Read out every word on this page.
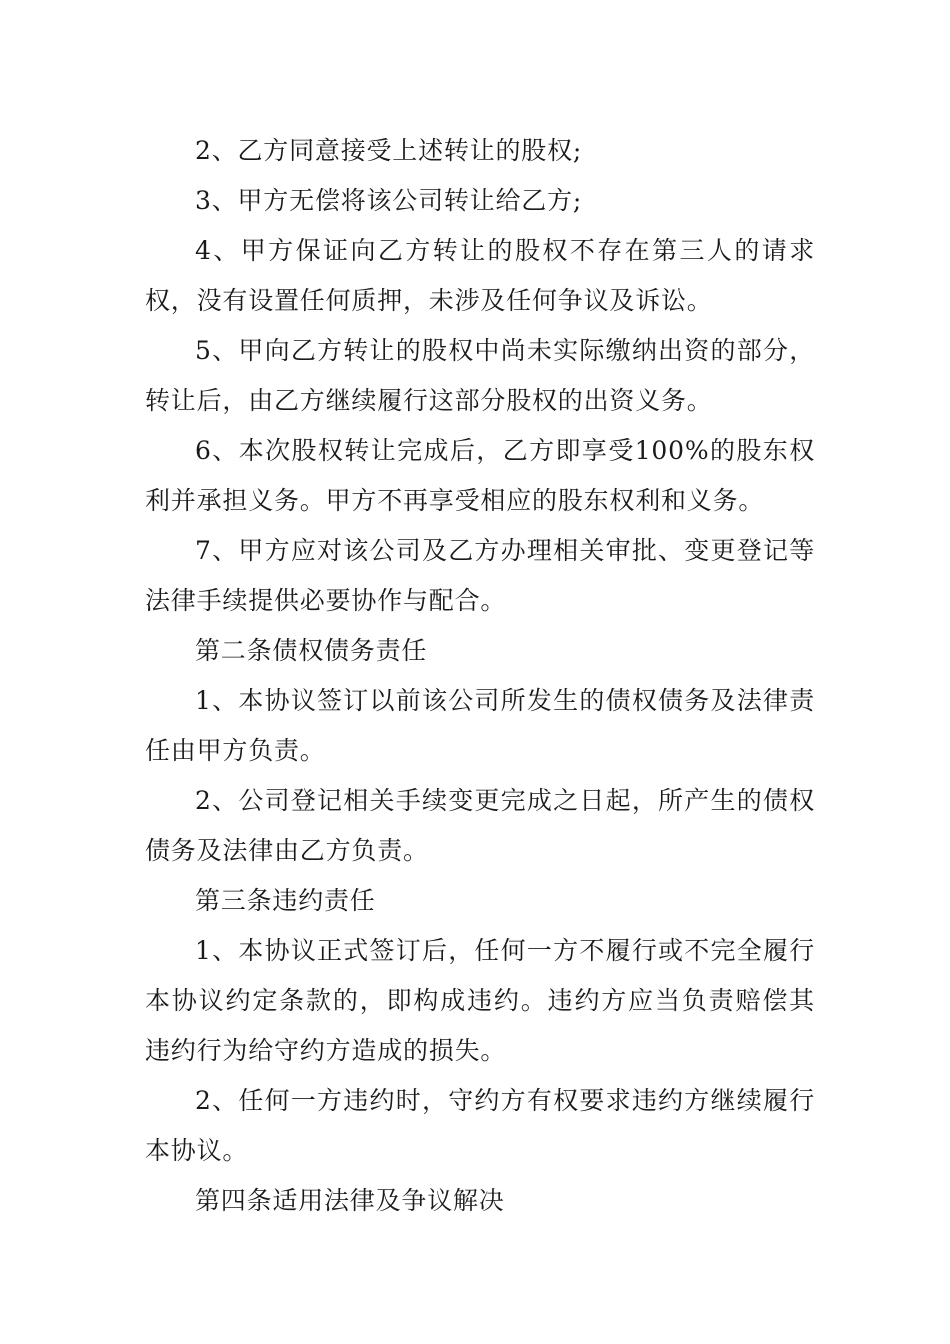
2、乙方同意接受上述转让的股权;

3、甲方无偿将该公司转让给乙方;

4、甲方保证向乙方转让的股权不存在第三人的请求权，没有设置任何质押，未涉及任何争议及诉讼。

5、甲向乙方转让的股权中尚未实际缴纳出资的部分，转让后，由乙方继续履行这部分股权的出资义务。

6、本次股权转让完成后，乙方即享受100%的股东权利并承担义务。甲方不再享受相应的股东权利和义务。

7、甲方应对该公司及乙方办理相关审批、变更登记等法律手续提供必要协作与配合。

第二条债权债务责任

1、本协议签订以前该公司所发生的债权债务及法律责任由甲方负责。

2、公司登记相关手续变更完成之日起，所产生的债权债务及法律由乙方负责。

第三条违约责任

1、本协议正式签订后，任何一方不履行或不完全履行本协议约定条款的，即构成违约。违约方应当负责赔偿其违约行为给守约方造成的损失。

2、任何一方违约时，守约方有权要求违约方继续履行本协议。

第四条适用法律及争议解决
